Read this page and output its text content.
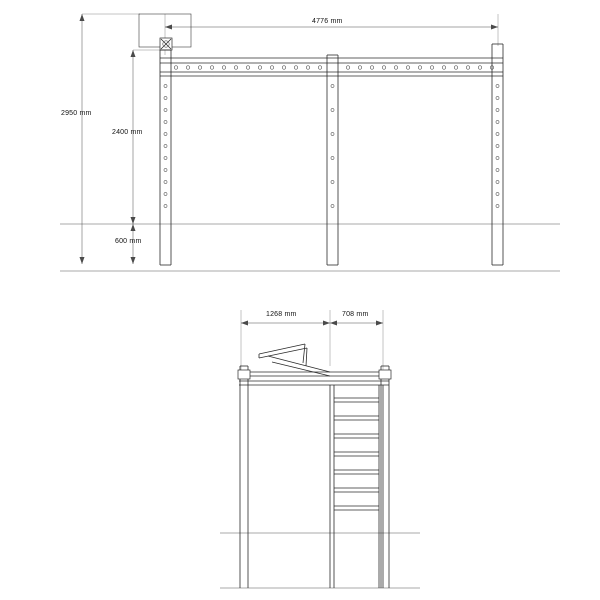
4776 mm
2950 mm
2400 mm
600 mm
1268 mm	708 mm
